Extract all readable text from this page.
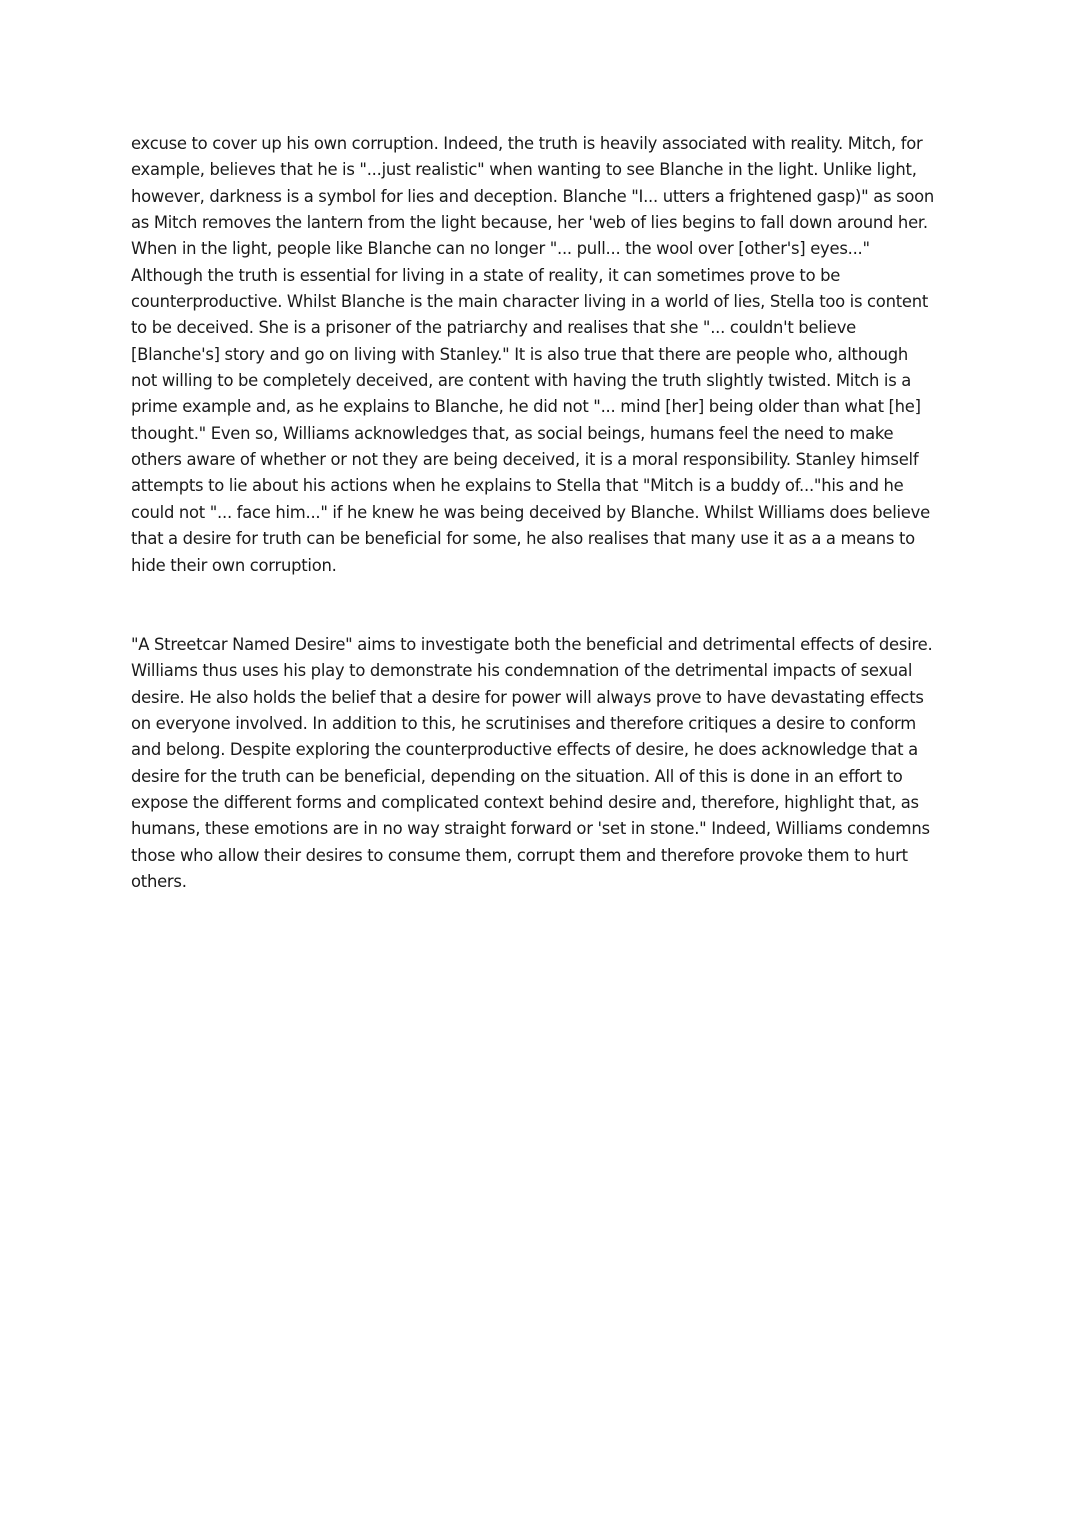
excuse to cover up his own corruption. Indeed, the truth is heavily associated with reality. Mitch, for
example, believes that he is "...just realistic" when wanting to see Blanche in the light. Unlike light,
however, darkness is a symbol for lies and deception. Blanche "I... utters a frightened gasp)" as soon
as Mitch removes the lantern from the light because, her 'web of lies begins to fall down around her.
When in the light, people like Blanche can no longer "... pull... the wool over [other's] eyes..."
Although the truth is essential for living in a state of reality, it can sometimes prove to be
counterproductive. Whilst Blanche is the main character living in a world of lies, Stella too is content
to be deceived. She is a prisoner of the patriarchy and realises that she "... couldn't believe
[Blanche's] story and go on living with Stanley." It is also true that there are people who, although
not willing to be completely deceived, are content with having the truth slightly twisted. Mitch is a
prime example and, as he explains to Blanche, he did not "... mind [her] being older than what [he]
thought." Even so, Williams acknowledges that, as social beings, humans feel the need to make
others aware of whether or not they are being deceived, it is a moral responsibility. Stanley himself
attempts to lie about his actions when he explains to Stella that "Mitch is a buddy of..."his and he
could not "... face him..." if he knew he was being deceived by Blanche. Whilst Williams does believe
that a desire for truth can be beneficial for some, he also realises that many use it as a a means to
hide their own corruption.

"A Streetcar Named Desire" aims to investigate both the beneficial and detrimental effects of desire.
Williams thus uses his play to demonstrate his condemnation of the detrimental impacts of sexual
desire. He also holds the belief that a desire for power will always prove to have devastating effects
on everyone involved. In addition to this, he scrutinises and therefore critiques a desire to conform
and belong. Despite exploring the counterproductive effects of desire, he does acknowledge that a
desire for the truth can be beneficial, depending on the situation. All of this is done in an effort to
expose the different forms and complicated context behind desire and, therefore, highlight that, as
humans, these emotions are in no way straight forward or 'set in stone." Indeed, Williams condemns
those who allow their desires to consume them, corrupt them and therefore provoke them to hurt
others.
